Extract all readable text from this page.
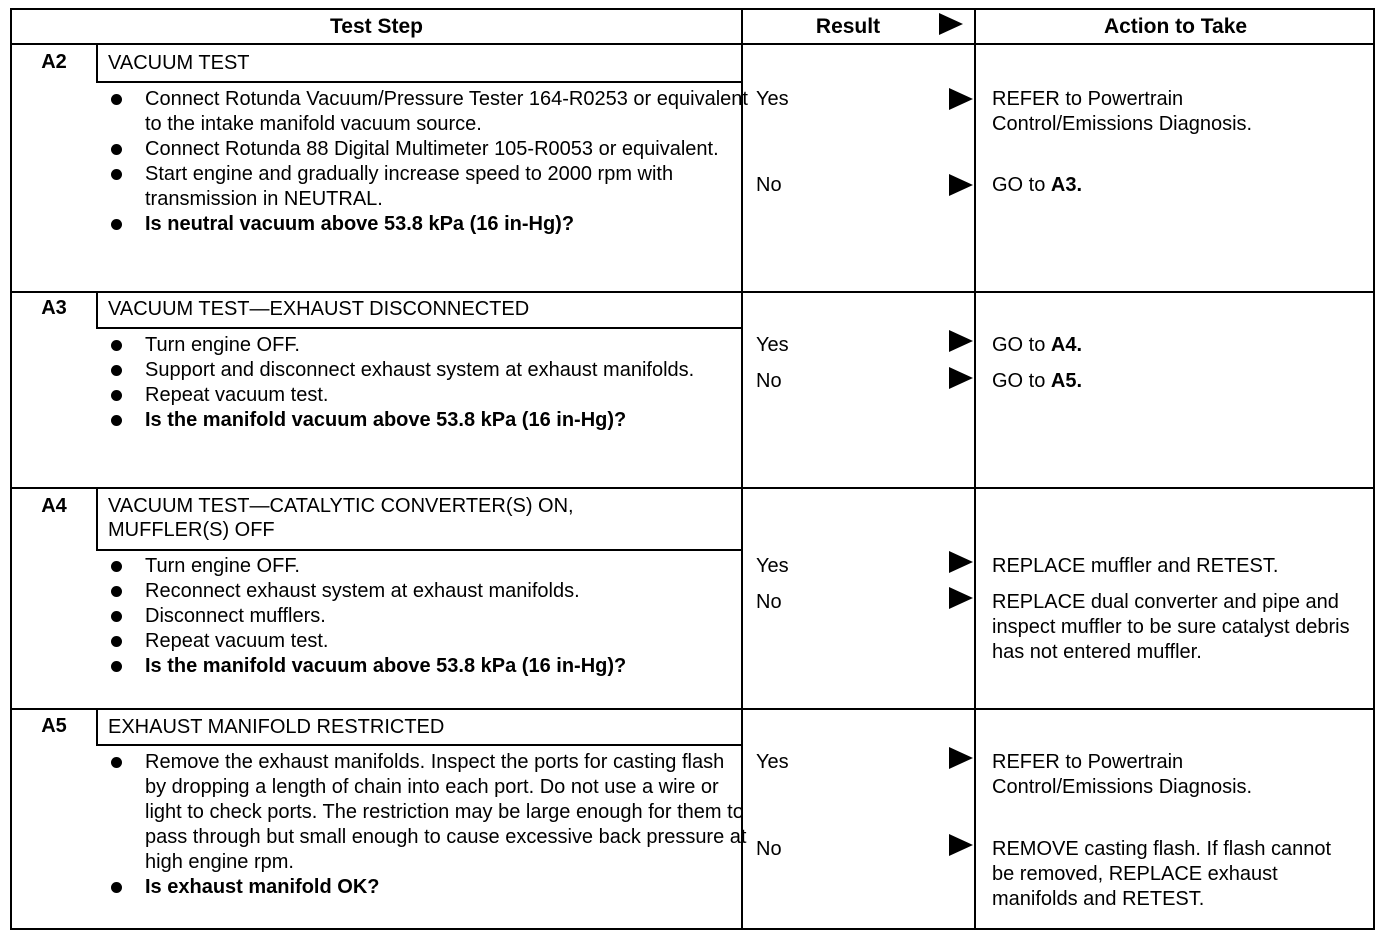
Test Step	Result	Action to Take
A2	VACUUM TEST
Connect Rotunda Vacuum/Pressure Tester 164-R0253 or equivalent to the intake manifold vacuum source.
Connect Rotunda 88 Digital Multimeter 105-R0053 or equivalent.
Start engine and gradually increase speed to 2000 rpm with transmission in NEUTRAL.
Is neutral vacuum above 53.8 kPa (16 in-Hg)?
Yes	REFER to Powertrain Control/Emissions Diagnosis.
No	GO to A3.
A3	VACUUM TEST—EXHAUST DISCONNECTED
Turn engine OFF.
Support and disconnect exhaust system at exhaust manifolds.
Repeat vacuum test.
Is the manifold vacuum above 53.8 kPa (16 in-Hg)?
Yes	GO to A4.
No	GO to A5.
A4	VACUUM TEST—CATALYTIC CONVERTER(S) ON, MUFFLER(S) OFF
Turn engine OFF.
Reconnect exhaust system at exhaust manifolds.
Disconnect mufflers.
Repeat vacuum test.
Is the manifold vacuum above 53.8 kPa (16 in-Hg)?
Yes	REPLACE muffler and RETEST.
No	REPLACE dual converter and pipe and inspect muffler to be sure catalyst debris has not entered muffler.
A5	EXHAUST MANIFOLD RESTRICTED
Remove the exhaust manifolds. Inspect the ports for casting flash by dropping a length of chain into each port. Do not use a wire or light to check ports. The restriction may be large enough for them to pass through but small enough to cause excessive back pressure at high engine rpm.
Is exhaust manifold OK?
Yes	REFER to Powertrain Control/Emissions Diagnosis.
No	REMOVE casting flash. If flash cannot be removed, REPLACE exhaust manifolds and RETEST.
